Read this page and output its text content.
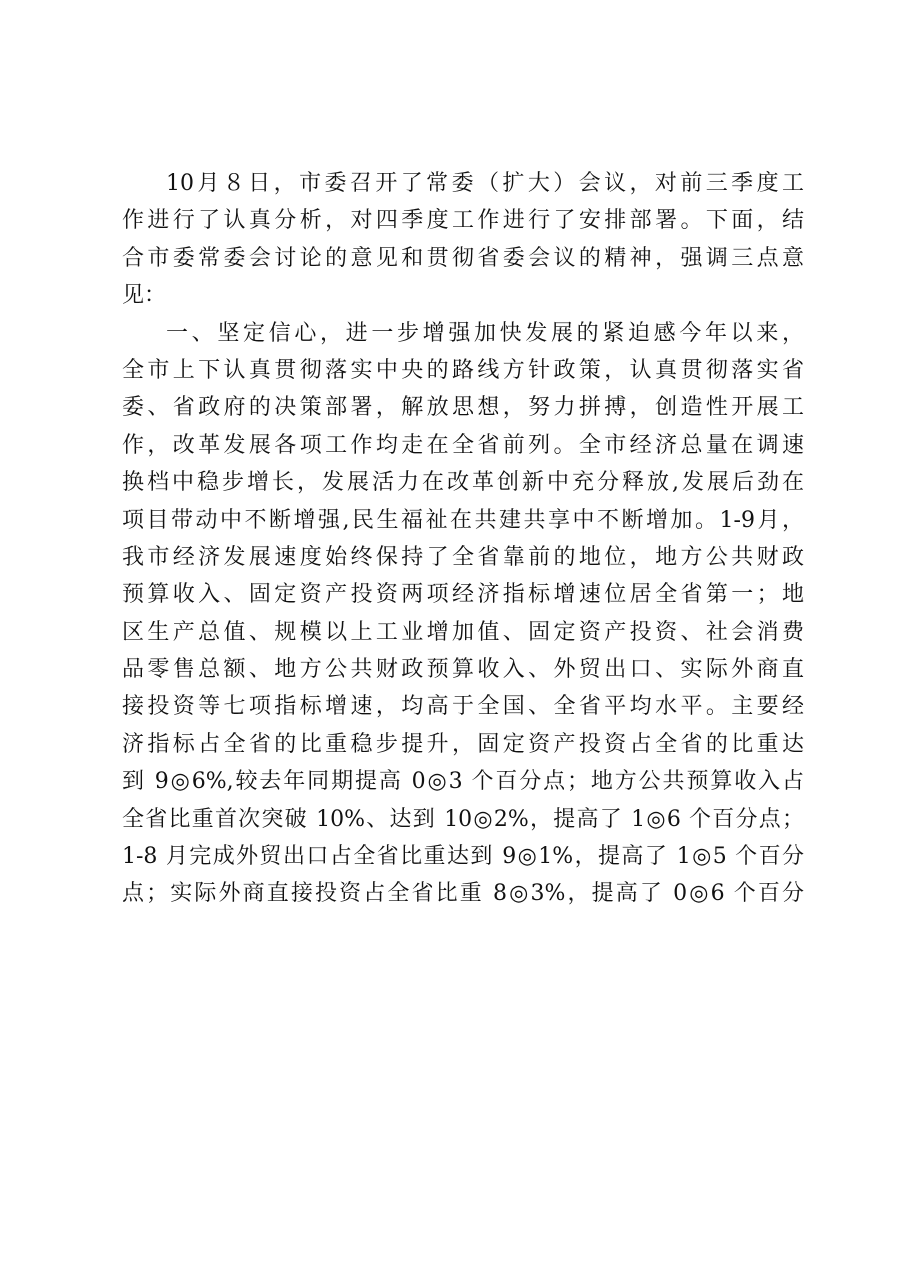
10月８日，市委召开了常委（扩大）会议，对前三季度工
作进行了认真分析，对四季度工作进行了安排部署。下面，结
合市委常委会讨论的意见和贯彻省委会议的精神，强调三点意
见：
一、坚定信心，进一步增强加快发展的紧迫感今年以来，
全市上下认真贯彻落实中央的路线方针政策，认真贯彻落实省
委、省政府的决策部署，解放思想，努力拼搏，创造性开展工
作，改革发展各项工作均走在全省前列。全市经济总量在调速
换档中稳步增长，发展活力在改革创新中充分释放,发展后劲在
项目带动中不断增强,民生福祉在共建共享中不断增加。1-9月，
我市经济发展速度始终保持了全省靠前的地位，地方公共财政
预算收入、固定资产投资两项经济指标增速位居全省第一；地
区生产总值、规模以上工业增加值、固定资产投资、社会消费
品零售总额、地方公共财政预算收入、外贸出口、实际外商直
接投资等七项指标增速，均高于全国、全省平均水平。主要经
济指标占全省的比重稳步提升，固定资产投资占全省的比重达
到 9◎6%,较去年同期提高 0◎3 个百分点；地方公共预算收入占
全省比重首次突破 10%、达到 10◎2%，提高了 1◎6 个百分点；
1-8 月完成外贸出口占全省比重达到 9◎1%，提高了 1◎5 个百分
点；实际外商直接投资占全省比重 8◎3%，提高了 0◎6 个百分
